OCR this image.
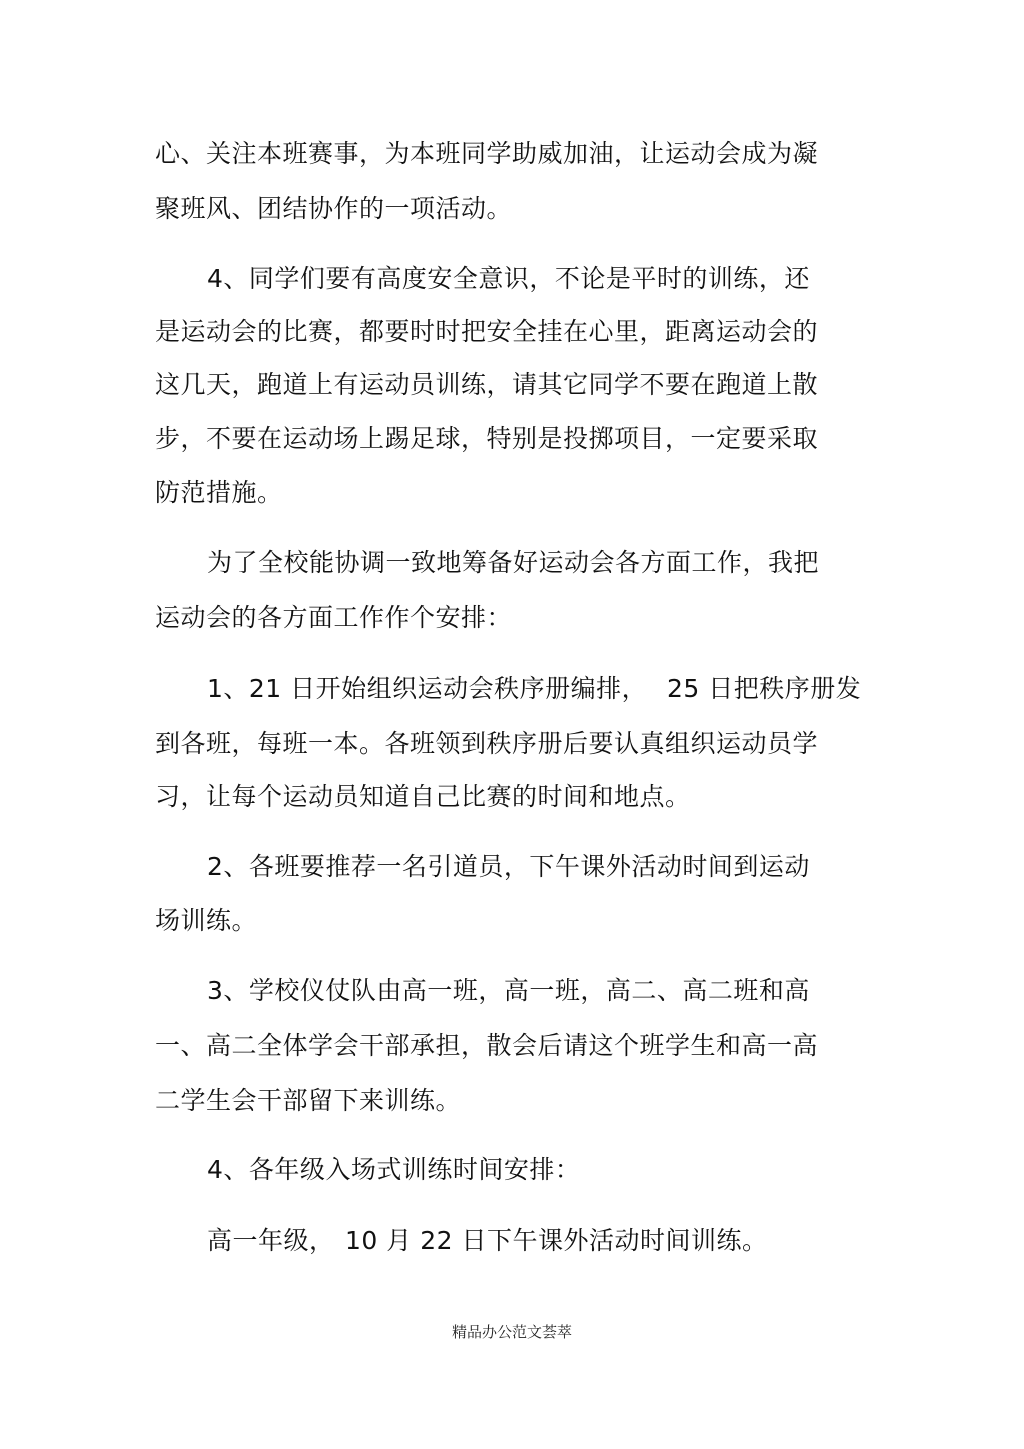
心、关注本班赛事，为本班同学助威加油，让运动会成为凝
聚班风、团结协作的一项活动。
4、同学们要有高度安全意识，不论是平时的训练，还
是运动会的比赛，都要时时把安全挂在心里，距离运动会的
这几天，跑道上有运动员训练，请其它同学不要在跑道上散
步，不要在运动场上踢足球，特别是投掷项目，一定要采取
防范措施。
为了全校能协调一致地筹备好运动会各方面工作，我把
运动会的各方面工作作个安排：
1、21 日开始组织运动会秩序册编排， 25 日把秩序册发
到各班，每班一本。各班领到秩序册后要认真组织运动员学
习，让每个运动员知道自己比赛的时间和地点。
2、各班要推荐一名引道员，下午课外活动时间到运动
场训练。
3、学校仪仗队由高一班，高一班，高二、高二班和高
一、高二全体学会干部承担，散会后请这个班学生和高一高
二学生会干部留下来训练。
4、各年级入场式训练时间安排：
高一年级， 10 月 22 日下午课外活动时间训练。
精品办公范文荟萃
